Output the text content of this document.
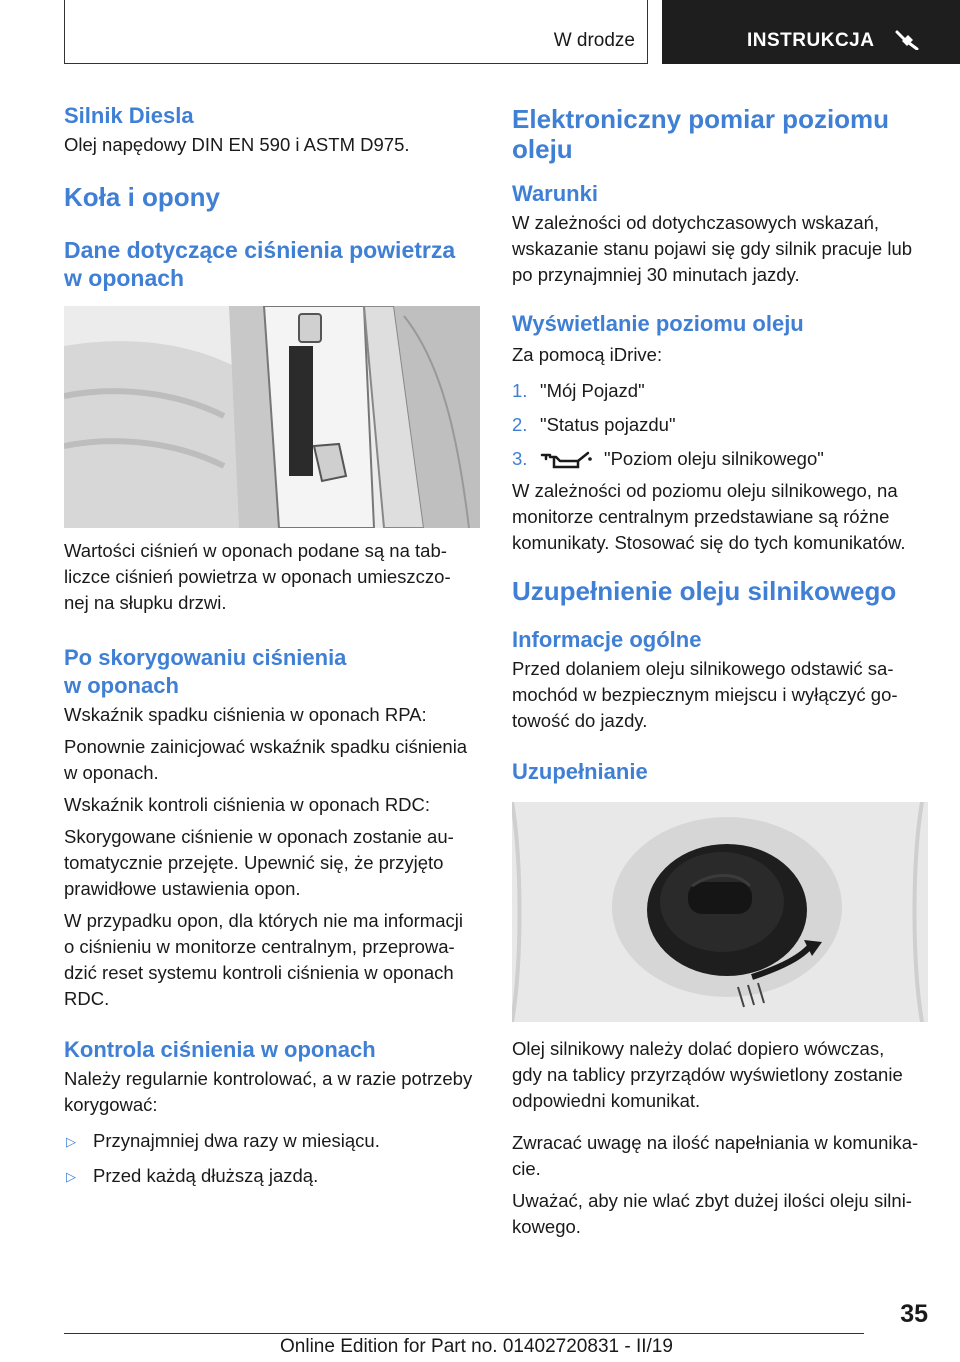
W drodze	INSTRUKCJA
Silnik Diesla
Olej napędowy DIN EN 590 i ASTM D975.
Koła i opony
Dane dotyczące ciśnienia powietrza
w oponach
Wartości ciśnień w oponach podane są na tab-
liczce ciśnień powietrza w oponach umieszczo-
nej na słupku drzwi.
Po skorygowaniu ciśnienia
w oponach
Wskaźnik spadku ciśnienia w oponach RPA:
Ponownie zainicjować wskaźnik spadku ciśnienia
w oponach.
Wskaźnik kontroli ciśnienia w oponach RDC:
Skorygowane ciśnienie w oponach zostanie au-
tomatycznie przejęte. Upewnić się, że przyjęto
prawidłowe ustawienia opon.
W przypadku opon, dla których nie ma informacji
o ciśnieniu w monitorze centralnym, przeprowa-
dzić reset systemu kontroli ciśnienia w oponach
RDC.
Kontrola ciśnienia w oponach
Należy regularnie kontrolować, a w razie potrzeby
korygować:
▷ Przynajmniej dwa razy w miesiącu.
▷ Przed każdą dłuższą jazdą.
Elektroniczny pomiar poziomu
oleju
Warunki
W zależności od dotychczasowych wskazań,
wskazanie stanu pojawi się gdy silnik pracuje lub
po przynajmniej 30 minutach jazdy.
Wyświetlanie poziomu oleju
Za pomocą iDrive:
1. "Mój Pojazd"
2. "Status pojazdu"
3.	"Poziom oleju silnikowego"
W zależności od poziomu oleju silnikowego, na
monitorze centralnym przedstawiane są różne
komunikaty. Stosować się do tych komunikatów.
Uzupełnienie oleju silnikowego
Informacje ogólne
Przed dolaniem oleju silnikowego odstawić sa-
mochód w bezpiecznym miejscu i wyłączyć go-
towość do jazdy.
Uzupełnianie
Olej silnikowy należy dolać dopiero wówczas,
gdy na tablicy przyrządów wyświetlony zostanie
odpowiedni komunikat.
Zwracać uwagę na ilość napełniania w komunika-
cie.
Uważać, aby nie wlać zbyt dużej ilości oleju silni-
kowego.
35
Online Edition for Part no. 01402720831 - II/19
